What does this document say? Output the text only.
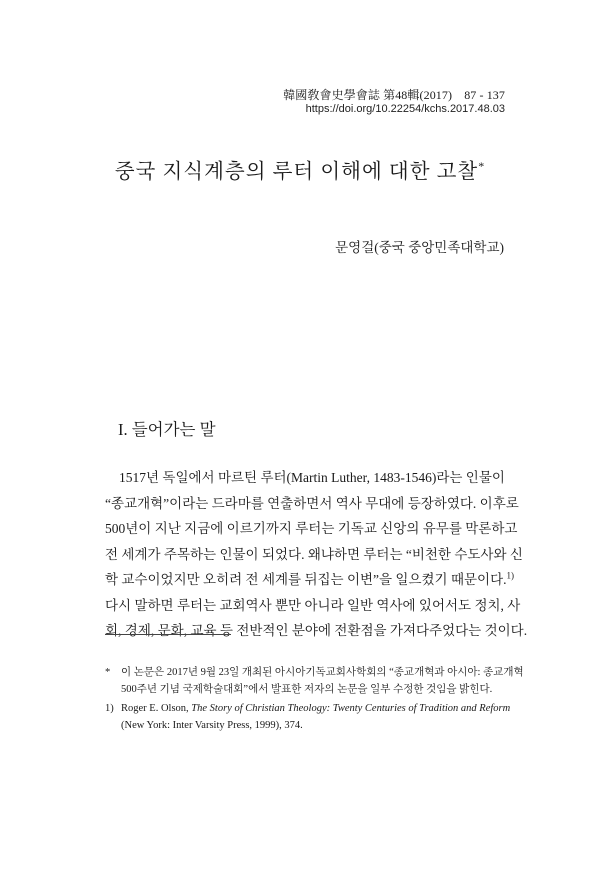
韓國敎會史學會誌 第48輯(2017)　87 - 137
https://doi.org/10.22254/kchs.2017.48.03
중국 지식계층의 루터 이해에 대한 고찰*
문영걸(중국 중앙민족대학교)
I. 들어가는 말
1517년 독일에서 마르틴 루터(Martin Luther, 1483-1546)라는 인물이
“종교개혁”이라는 드라마를 연출하면서 역사 무대에 등장하였다. 이후로
500년이 지난 지금에 이르기까지 루터는 기독교 신앙의 유무를 막론하고
전 세계가 주목하는 인물이 되었다. 왜냐하면 루터는 “비천한 수도사와 신
학 교수이었지만 오히려 전 세계를 뒤집는 이변”을 일으켰기 때문이다.$^{1)}$
다시 말하면 루터는 교회역사 뿐만 아니라 일반 역사에 있어서도 정치, 사
회, 경제, 문화, 교육 등 전반적인 분야에 전환점을 가져다주었다는 것이다.
* 이 논문은 2017년 9월 23일 개최된 아시아기독교회사학회의 “종교개혁과 아시아: 종교개혁
500주년 기념 국제학술대회”에서 발표한 저자의 논문을 일부 수정한 것임을 밝힌다.
1) Roger E. Olson, The Story of Christian Theology: Twenty Centuries of Tradition and Reform
(New York: Inter Varsity Press, 1999), 374.
